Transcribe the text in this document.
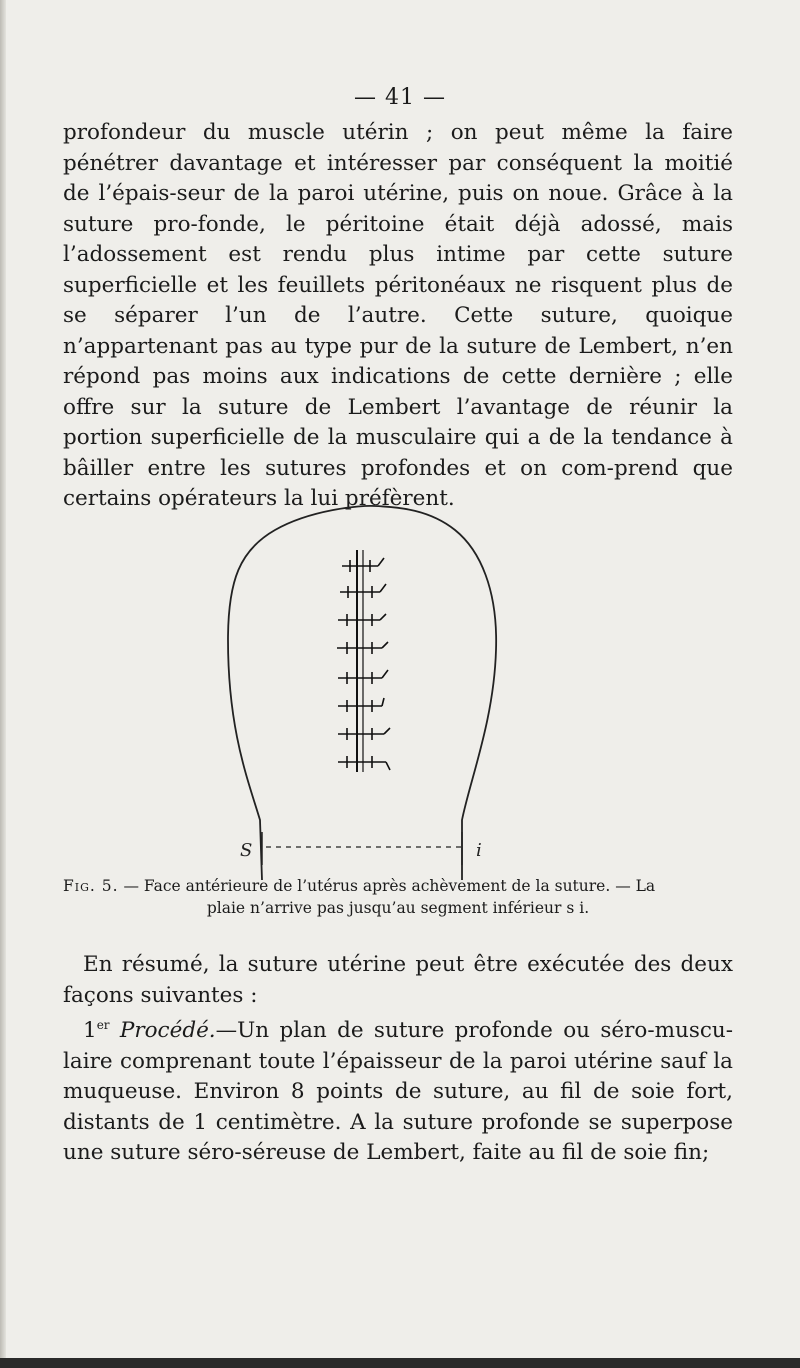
— 41 —

profondeur du muscle utérin ; on peut même la faire pénétrer davantage et intéresser par conséquent la moitié de l’épais-seur de la paroi utérine, puis on noue. Grâce à la suture pro-fonde, le péritoine était déjà adossé, mais l’adossement est rendu plus intime par cette suture superficielle et les feuillets péritonéaux ne risquent plus de se séparer l’un de l’autre. Cette suture, quoique n’appartenant pas au type pur de la suture de Lembert, n’en répond pas moins aux indications de cette dernière ; elle offre sur la suture de Lembert l’avantage de réunir la portion superficielle de la musculaire qui a de la tendance à bâiller entre les sutures profondes et on com-prend que certains opérateurs la lui préfèrent.

S	i

Fig. 5. — Face antérieure de l’utérus après achèvement de la suture. — La
plaie n’arrive pas jusqu’au segment inférieur s i.

En résumé, la suture utérine peut être exécutée des deux façons suivantes :

1er Procédé.—Un plan de suture profonde ou séro-muscu-laire comprenant toute l’épaisseur de la paroi utérine sauf la muqueuse. Environ 8 points de suture, au fil de soie fort, distants de 1 centimètre. A la suture profonde se superpose une suture séro-séreuse de Lembert, faite au fil de soie fin;
